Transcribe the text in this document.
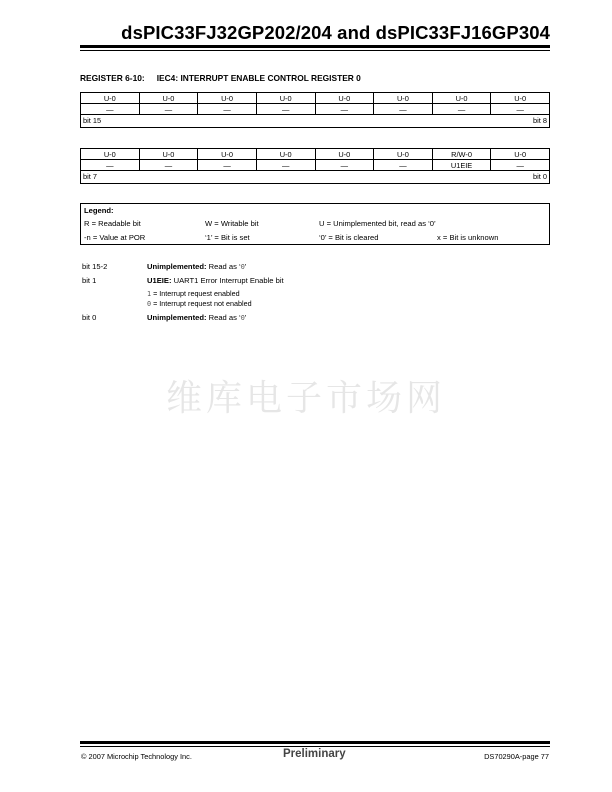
dsPIC33FJ32GP202/204 and dsPIC33FJ16GP304
REGISTER 6-10: IEC4: INTERRUPT ENABLE CONTROL REGISTER 0
U-0	U-0	U-0	U-0	U-0	U-0	U-0	U-0
—	—	—	—	—	—	—	—

bit 15 bit 8							
U-0	U-0	U-0	U-0	U-0	U-0	R/W-0	U-0
—	—	—	—	—	—	U1EIE	—

bit 7 bit 0							
Legend:
R = Readable bit	W = Writable bit	U = Unimplemented bit, read as ‘0’
-n = Value at POR	‘1’ = Bit is set	‘0’ = Bit is cleared	x = Bit is unknown
bit 15-2	Unimplemented: Read as ‘0’
bit 1	U1EIE: UART1 Error Interrupt Enable bit
1 = Interrupt request enabled
0 = Interrupt request not enabled
bit 0	Unimplemented: Read as ‘0’
维库电子市场网
© 2007 Microchip Technology Inc.	Preliminary	DS70290A-page 77
